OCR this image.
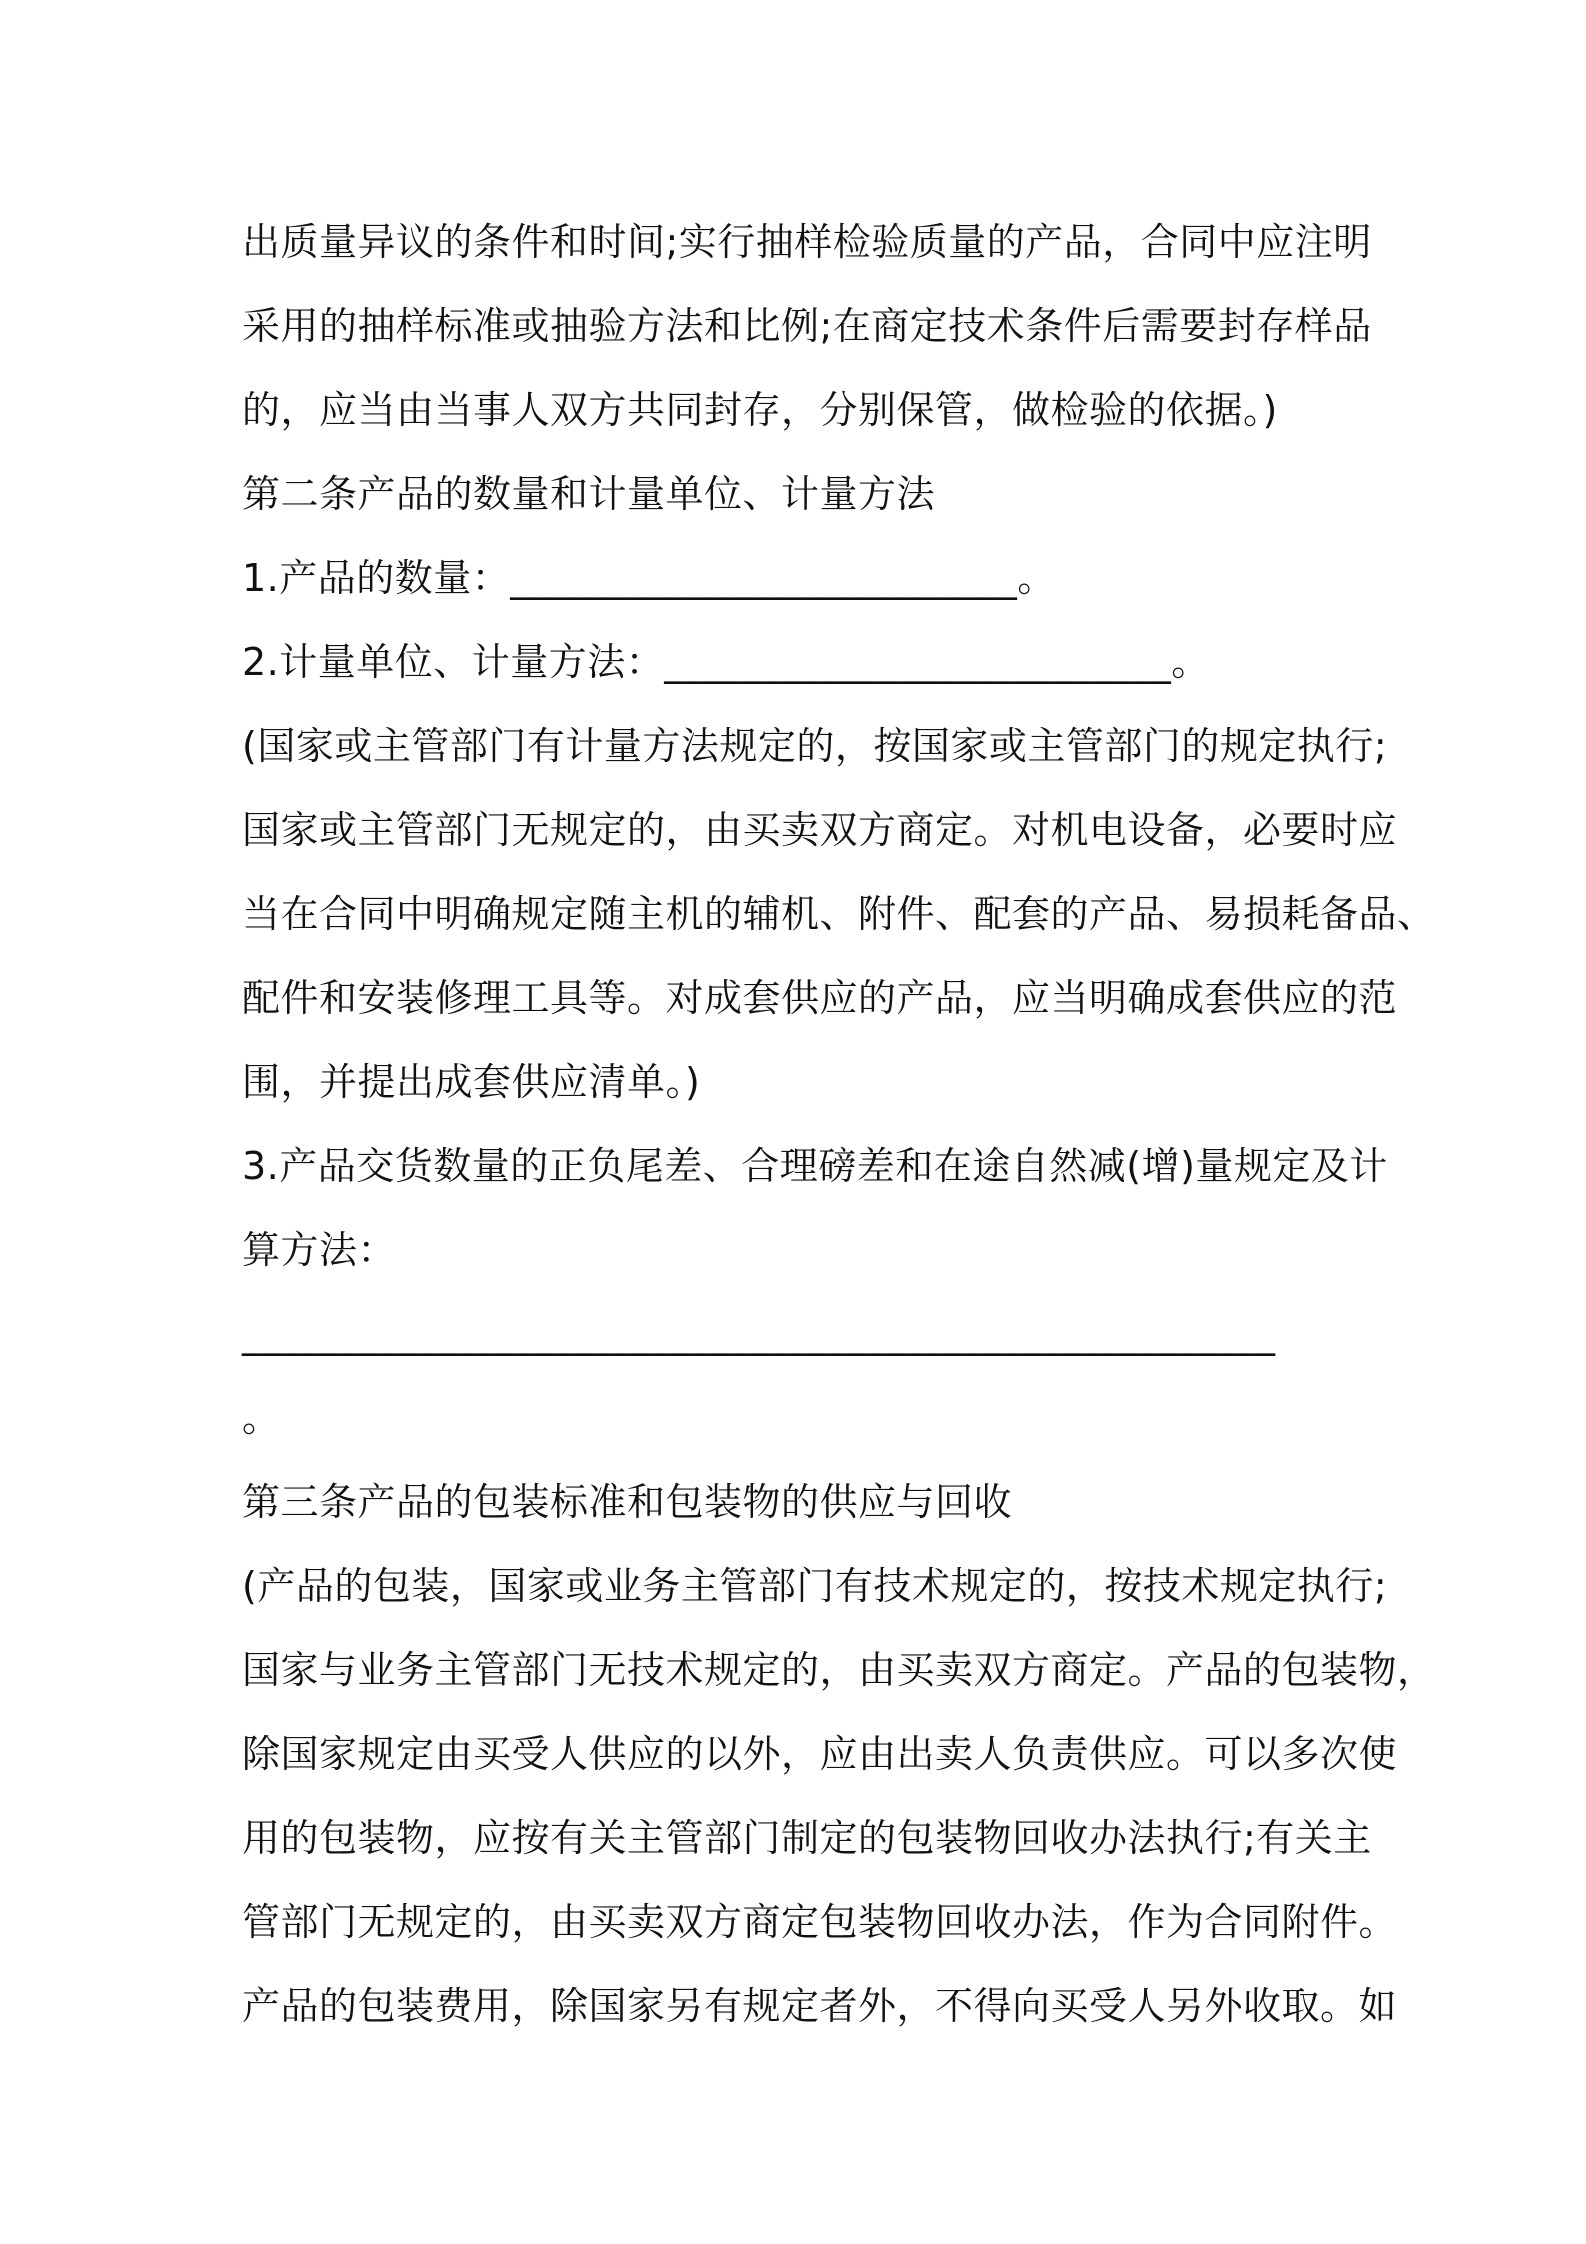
出质量异议的条件和时间;实行抽样检验质量的产品，合同中应注明
采用的抽样标准或抽验方法和比例;在商定技术条件后需要封存样品
的，应当由当事人双方共同封存，分别保管，做检验的依据。)
第二条产品的数量和计量单位、计量方法
1.产品的数量：__________________________。
2.计量单位、计量方法：__________________________。
(国家或主管部门有计量方法规定的，按国家或主管部门的规定执行;
国家或主管部门无规定的，由买卖双方商定。对机电设备，必要时应
当在合同中明确规定随主机的辅机、附件、配套的产品、易损耗备品、
配件和安装修理工具等。对成套供应的产品，应当明确成套供应的范
围，并提出成套供应清单。)
3.产品交货数量的正负尾差、合理磅差和在途自然减(增)量规定及计
算方法：
_____________________________________________________
。
第三条产品的包装标准和包装物的供应与回收
(产品的包装，国家或业务主管部门有技术规定的，按技术规定执行;
国家与业务主管部门无技术规定的，由买卖双方商定。产品的包装物，
除国家规定由买受人供应的以外，应由出卖人负责供应。可以多次使
用的包装物，应按有关主管部门制定的包装物回收办法执行;有关主
管部门无规定的，由买卖双方商定包装物回收办法，作为合同附件。
产品的包装费用，除国家另有规定者外，不得向买受人另外收取。如
